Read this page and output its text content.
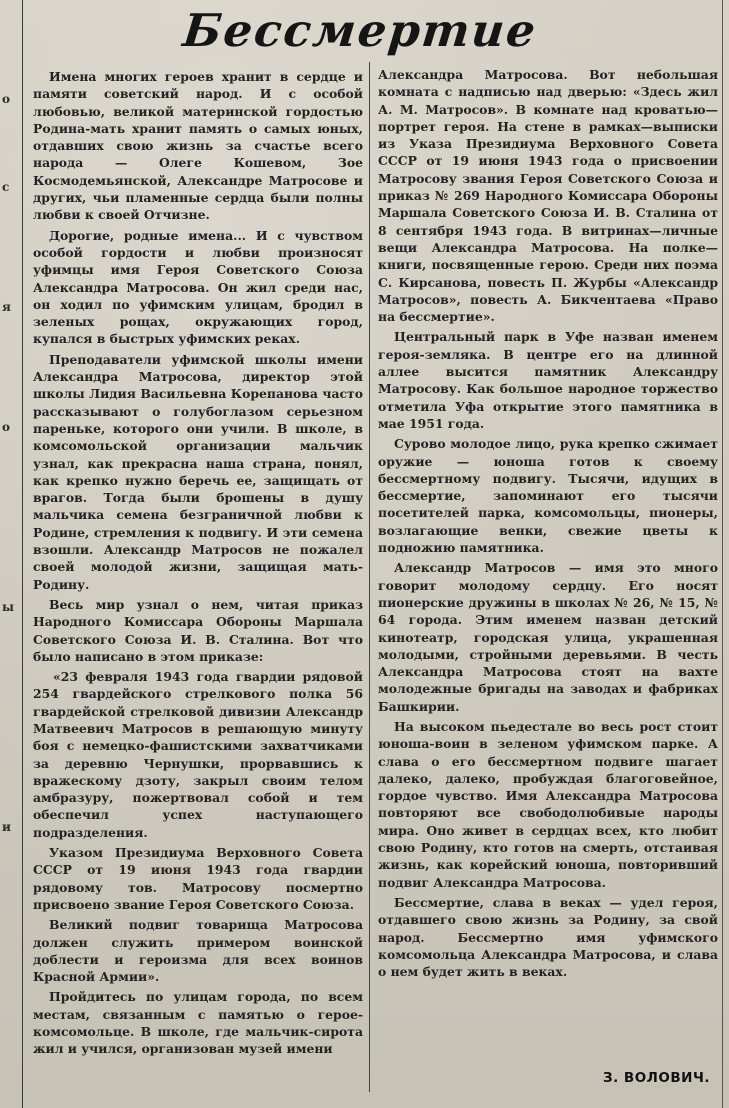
о
с
я
о
ы
и
Бессмертие

Имена многих героев хранит в сердце и памяти советский народ. И с особой любовью, великой материнской гордостью Родина-мать хранит память о самых юных, отдавших свою жизнь за счастье всего народа — Олеге Кошевом, Зое Космодемьянской, Александре Матросове и других, чьи пламенные сердца были полны любви к своей Отчизне.

Дорогие, родные имена... И с чувством особой гордости и любви произносят уфимцы имя Героя Советского Союза Александра Матросова. Он жил среди нас, он ходил по уфимским улицам, бродил в зеленых рощах, окружающих город, купался в быстрых уфимских реках.

Преподаватели уфимской школы имени Александра Матросова, директор этой школы Лидия Васильевна Корепанова часто рассказывают о голубоглазом серьезном пареньке, которого они учили. В школе, в комсомольской организации мальчик узнал, как прекрасна наша страна, понял, как крепко нужно беречь ее, защищать от врагов. Тогда были брошены в душу мальчика семена безграничной любви к Родине, стремления к подвигу. И эти семена взошли. Александр Матросов не пожалел своей молодой жизни, защищая мать-Родину.

Весь мир узнал о нем, читая приказ Народного Комиссара Обороны Маршала Советского Союза И. В. Сталина. Вот что было написано в этом приказе:

«23 февраля 1943 года гвардии рядовой 254 гвардейского стрелкового полка 56 гвардейской стрелковой дивизии Александр Матвеевич Матросов в решающую минуту боя с немецко-фашистскими захватчиками за деревню Чернушки, прорвавшись к вражескому дзоту, закрыл своим телом амбразуру, пожертвовал собой и тем обеспечил успех наступающего подразделения.

Указом Президиума Верховного Совета СССР от 19 июня 1943 года гвардии рядовому тов. Матросову посмертно присвоено звание Героя Советского Союза.

Великий подвиг товарища Матросова должен служить примером воинской доблести и героизма для всех воинов Красной Армии».

Пройдитесь по улицам города, по всем местам, связанным с памятью о герое-комсомольце. В школе, где мальчик-сирота жил и учился, организован музей имени

Александра Матросова. Вот небольшая комната с надписью над дверью: «Здесь жил А. М. Матросов». В комнате над кроватью—портрет героя. На стене в рамках—выписки из Указа Президиума Верховного Совета СССР от 19 июня 1943 года о присвоении Матросову звания Героя Советского Союза и приказ № 269 Народного Комиссара Обороны Маршала Советского Союза И. В. Сталина от 8 сентября 1943 года. В витринах—личные вещи Александра Матросова. На полке—книги, посвященные герою. Среди них поэма С. Кирсанова, повесть П. Журбы «Александр Матросов», повесть А. Бикчентаева «Право на бессмертие».

Центральный парк в Уфе назван именем героя-земляка. В центре его на длинной аллее высится памятник Александру Матросову. Как большое народное торжество отметила Уфа открытие этого памятника в мае 1951 года.

Сурово молодое лицо, рука крепко сжимает оружие — юноша готов к своему бессмертному подвигу. Тысячи, идущих в бессмертие, запоминают его тысячи посетителей парка, комсомольцы, пионеры, возлагающие венки, свежие цветы к подножию памятника.

Александр Матросов — имя это много говорит молодому сердцу. Его носят пионерские дружины в школах № 26, № 15, № 64 города. Этим именем назван детский кинотеатр, городская улица, украшенная молодыми, стройными деревьями. В честь Александра Матросова стоят на вахте молодежные бригады на заводах и фабриках Башкирии.

На высоком пьедестале во весь рост стоит юноша-воин в зеленом уфимском парке. А слава о его бессмертном подвиге шагает далеко, далеко, пробуждая благоговейное, гордое чувство. Имя Александра Матросова повторяют все свободолюбивые народы мира. Оно живет в сердцах всех, кто любит свою Родину, кто готов на смерть, отстаивая жизнь, как корейский юноша, повторивший подвиг Александра Матросова.

Бессмертие, слава в веках — удел героя, отдавшего свою жизнь за Родину, за свой народ. Бессмертно имя уфимского комсомольца Александра Матросова, и слава о нем будет жить в веках.

З. ВОЛОВИЧ.
